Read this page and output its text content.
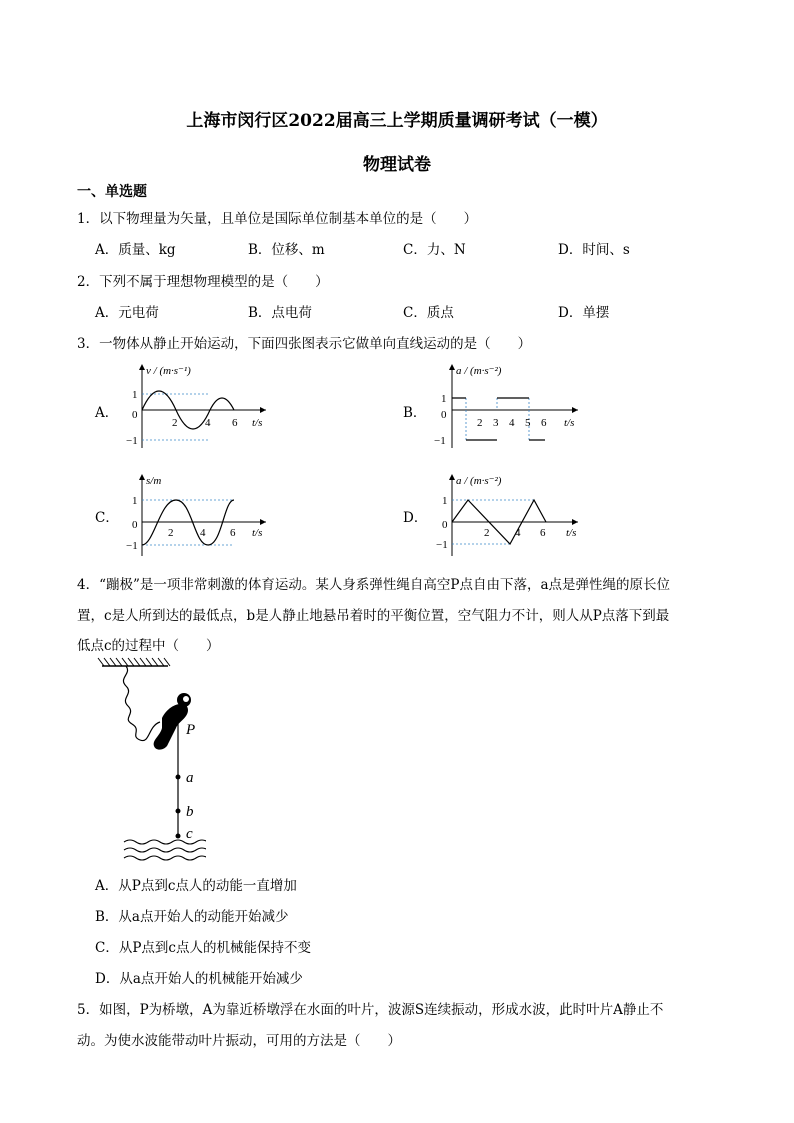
上海市闵行区2022届高三上学期质量调研考试（一模）
物理试卷
一、单选题
1．以下物理量为矢量，且单位是国际单位制基本单位的是（　　）
A．质量、kg	B．位移、m	C．力、N	D．时间、s
2．下列不属于理想物理模型的是（　　）
A．元电荷	B．点电荷	C．质点	D．单摆
3．一物体从静止开始运动，下面四张图表示它做单向直线运动的是（　　）
A．	B．
C．	D．
v / (m·s⁻¹)
1
0
−1
2	4 6 t/s
a / (m·s⁻²)
1
0
−1
2 3 4 5 6 t/s
s/m
1
0
−1
2 4 6 t/s
a / (m·s⁻²)
1
0
−1
2 4 6 t/s
4．“蹦极”是一项非常刺激的体育运动。某人身系弹性绳自高空P点自由下落，a点是弹性绳的原长位
置，c是人所到达的最低点，b是人静止地悬吊着时的平衡位置，空气阻力不计，则人从P点落下到最
低点c的过程中（　　）
P
a
b
c
A．从P点到c点人的动能一直增加
B．从a点开始人的动能开始减少
C．从P点到c点人的机械能保持不变
D．从a点开始人的机械能开始减少
5．如图，P为桥墩，A为靠近桥墩浮在水面的叶片，波源S连续振动，形成水波，此时叶片A静止不
动。为使水波能带动叶片振动，可用的方法是（　　）
